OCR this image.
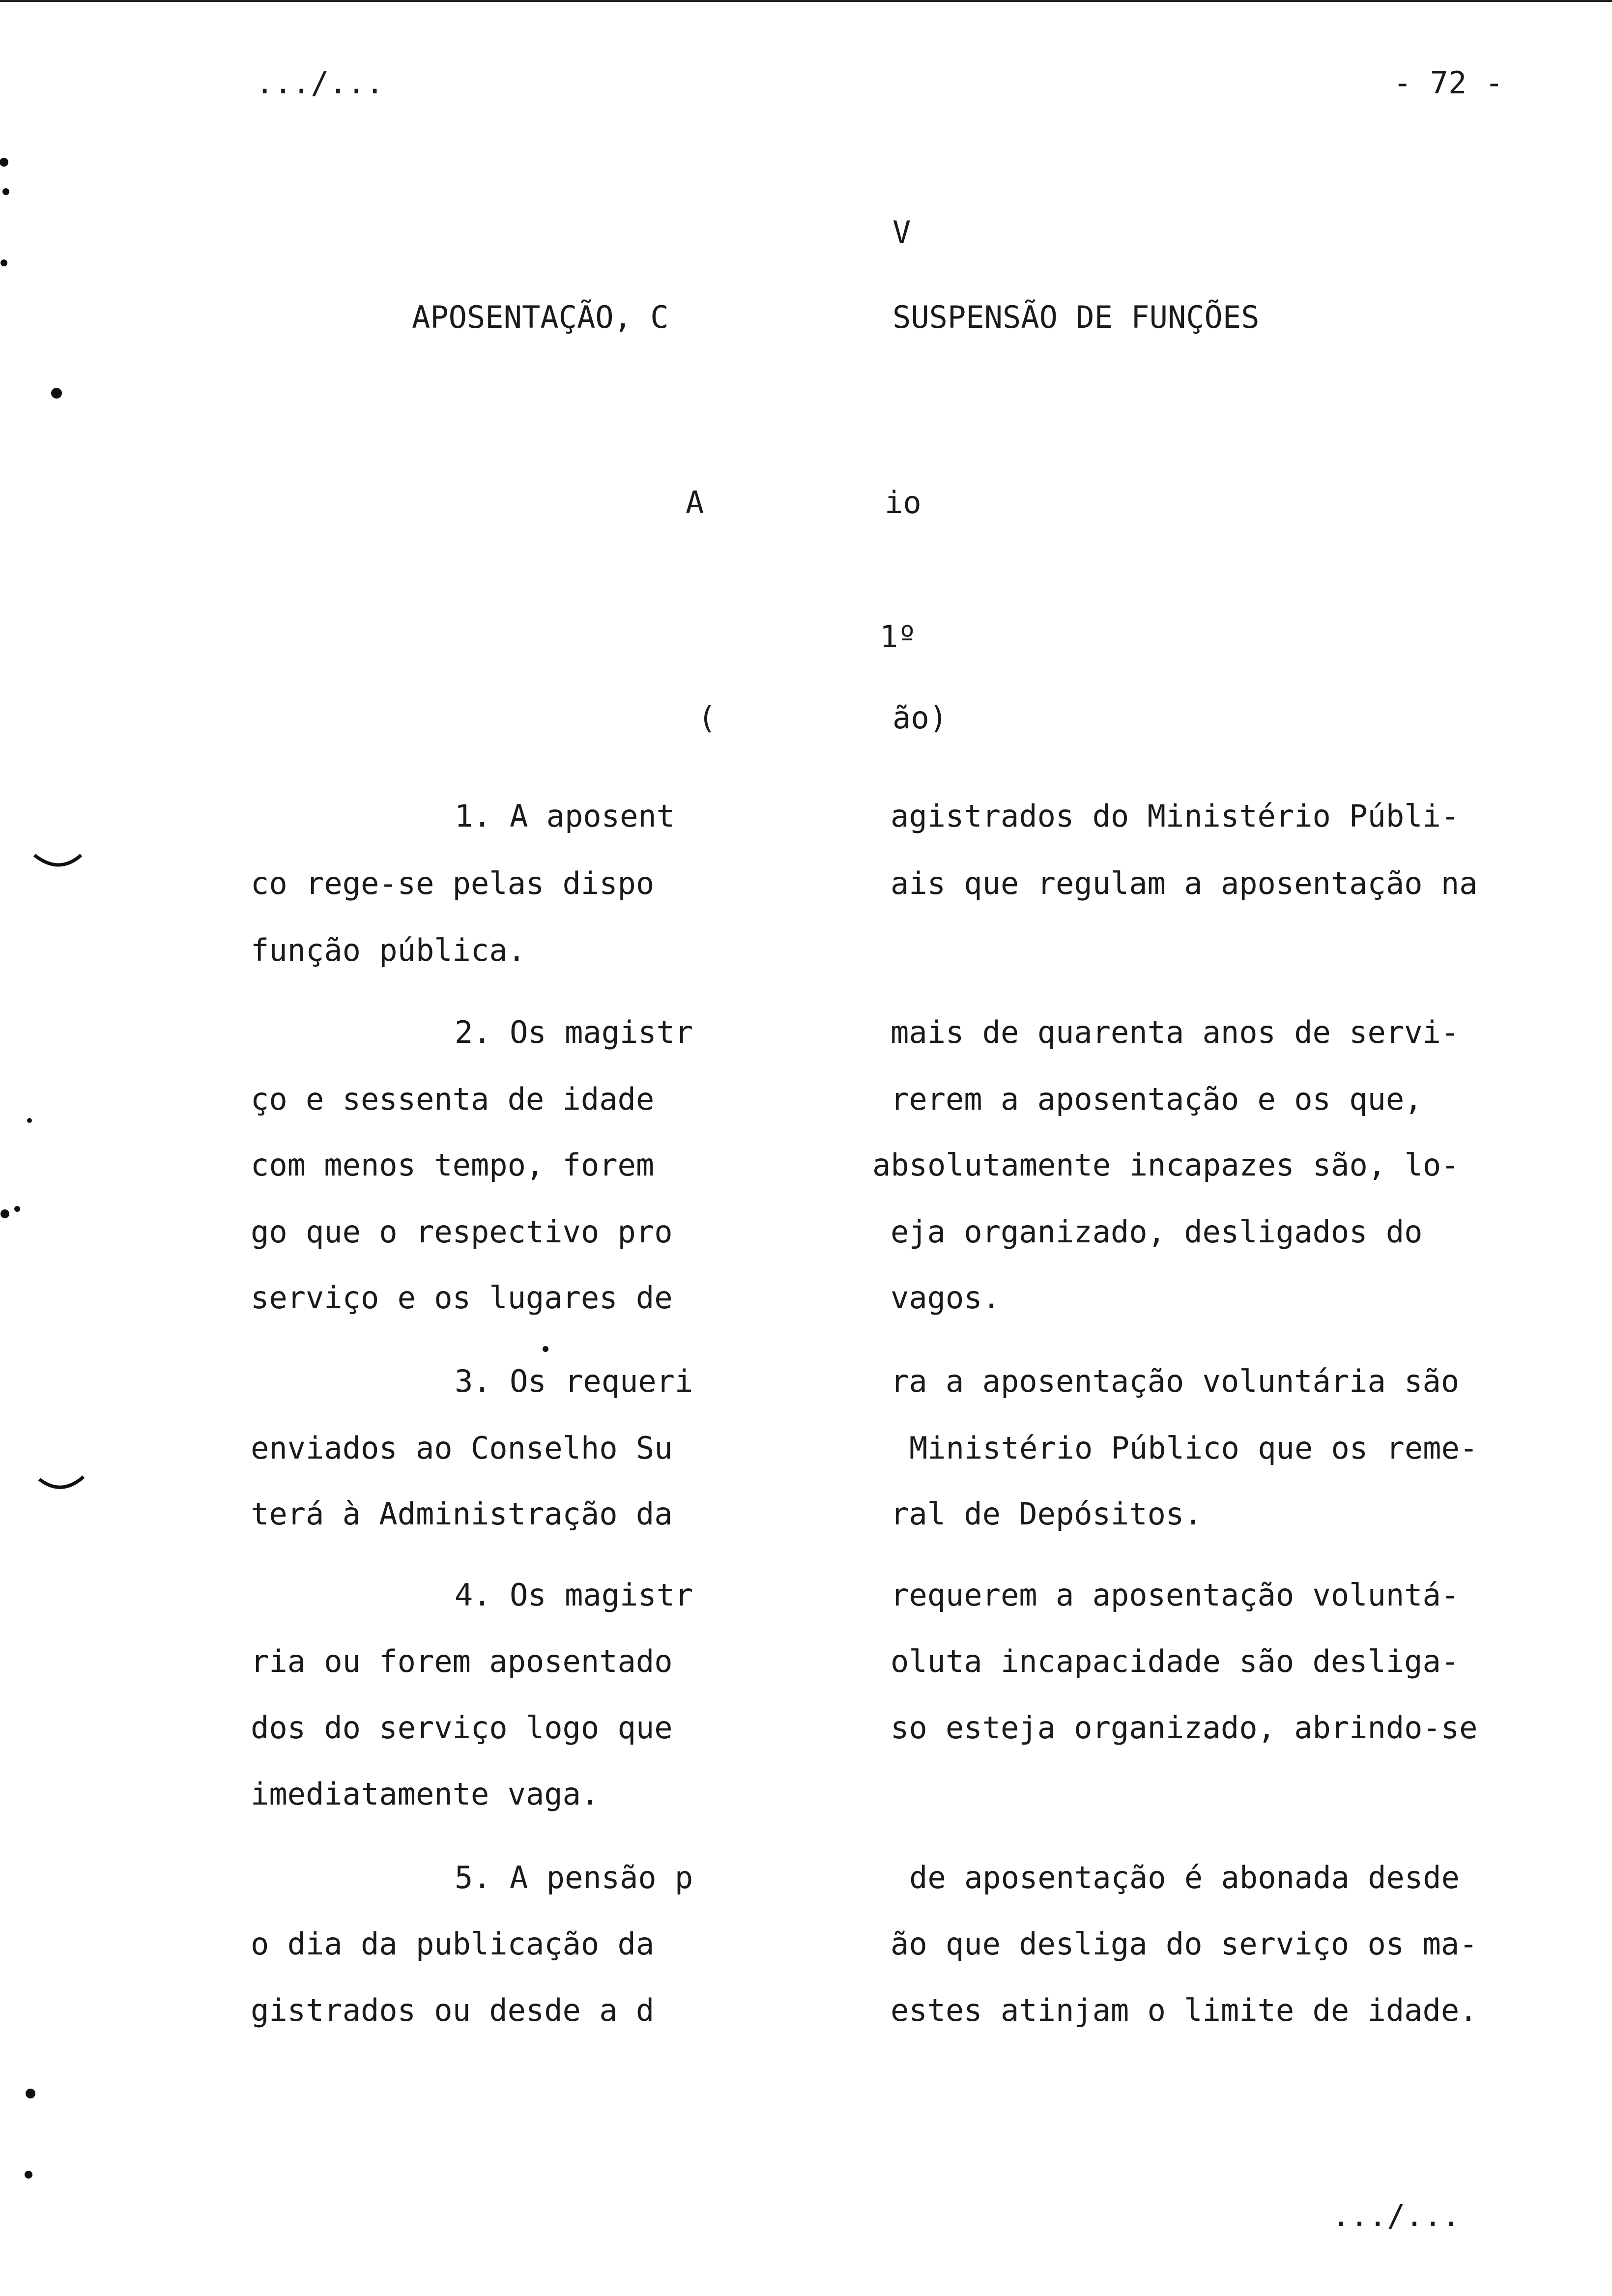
.../...	- 72 -
V
APOSENTAÇÃO, C	SUSPENSÃO DE FUNÇÕES
A	io
1º
(	ão)
1. A aposent
co rege-se pelas dispo
função pública.
2. Os magistr
ço e sessenta de idade
com menos tempo, forem
go que o respectivo pro
serviço e os lugares de
3. Os requeri
enviados ao Conselho Su
terá à Administração da
4. Os magistr
ria ou forem aposentado
dos do serviço logo que
imediatamente vaga.
5. A pensão p
o dia da publicação da
gistrados ou desde a d
agistrados do Ministério Públi-
ais que regulam a aposentação na
mais de quarenta anos de servi-
rerem a aposentação e os que,
absolutamente incapazes são, lo-
eja organizado, desligados do
vagos.
ra a aposentação voluntária são
Ministério Público que os reme-
ral de Depósitos.
requerem a aposentação voluntá-
oluta incapacidade são desliga-
so esteja organizado, abrindo-se
de aposentação é abonada desde
ão que desliga do serviço os ma-
estes atinjam o limite de idade.
.../...
